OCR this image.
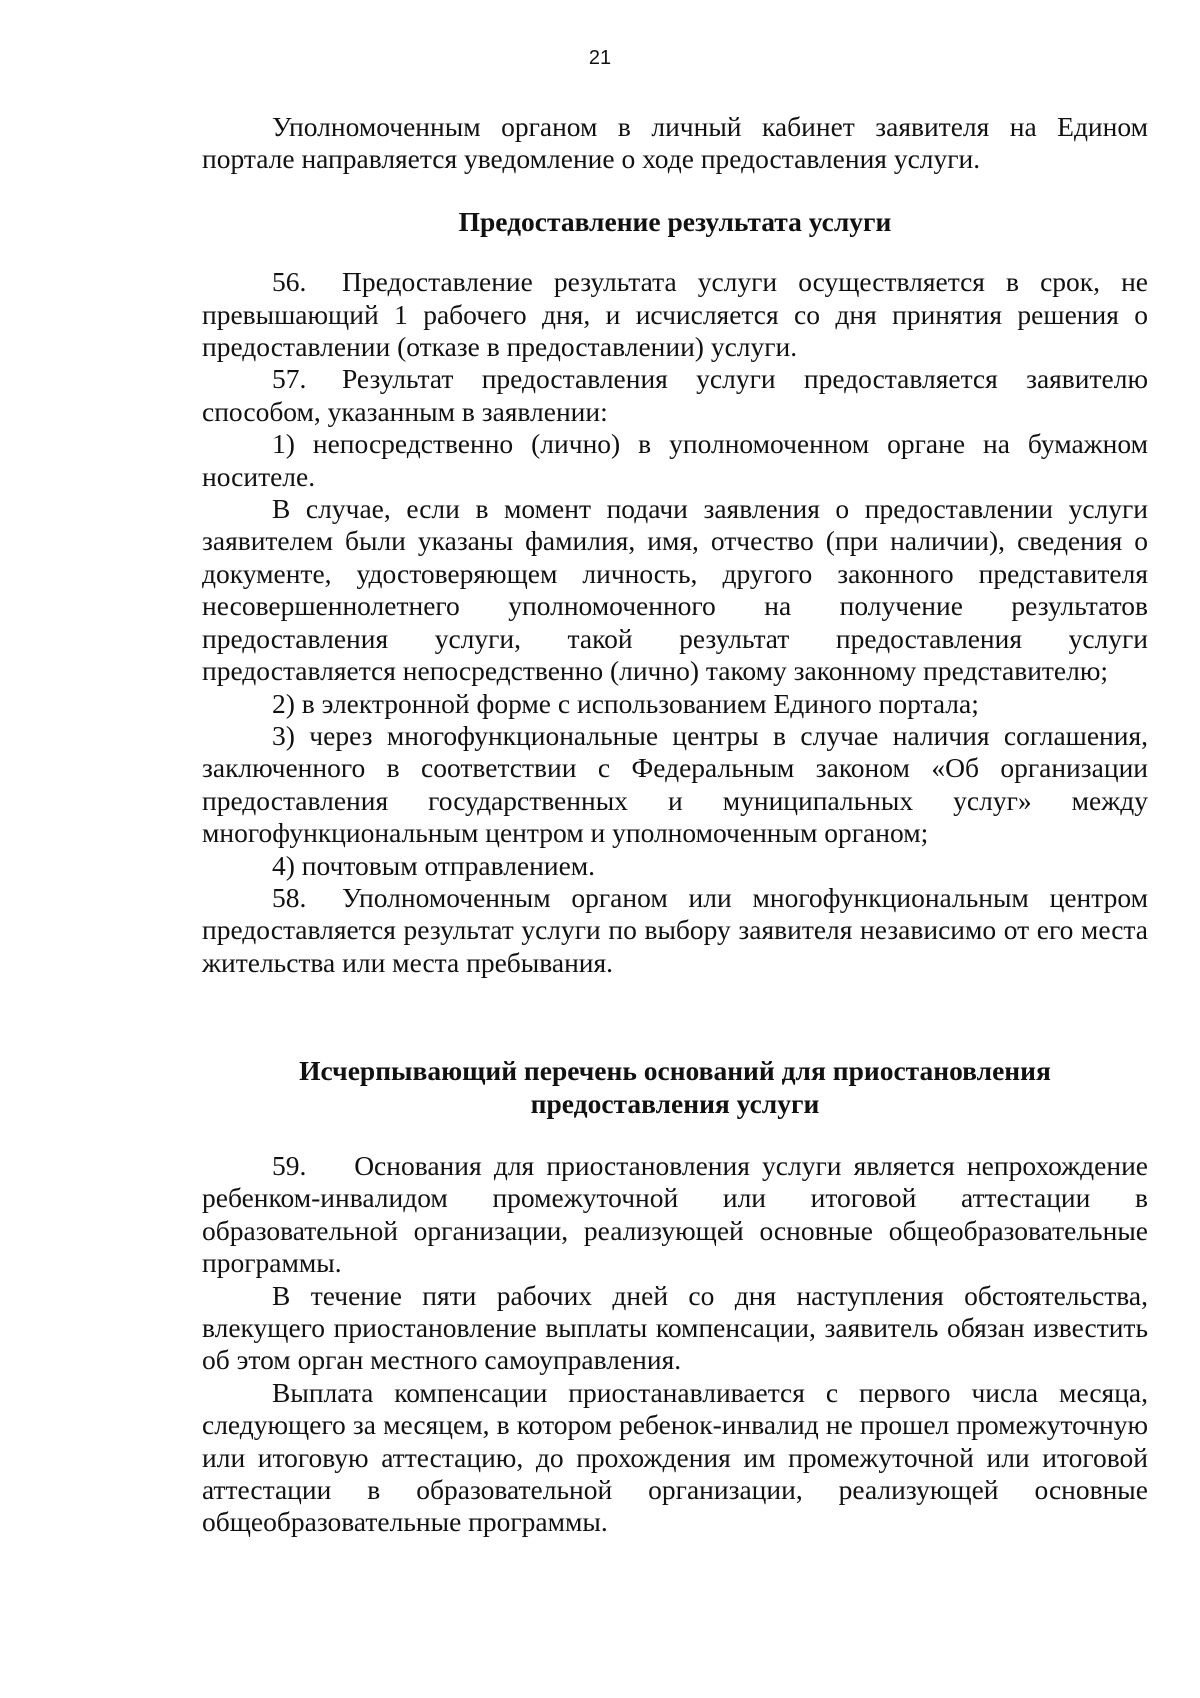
21

Уполномоченным органом в личный кабинет заявителя на Едином портале направляется уведомление о ходе предоставления услуги.

Предоставление результата услуги

56. Предоставление результата услуги осуществляется в срок, не превышающий 1 рабочего дня, и исчисляется со дня принятия решения о предоставлении (отказе в предоставлении) услуги.

57. Результат предоставления услуги предоставляется заявителю способом, указанным в заявлении:

1) непосредственно (лично) в уполномоченном органе на бумажном носителе.

В случае, если в момент подачи заявления о предоставлении услуги заявителем были указаны фамилия, имя, отчество (при наличии), сведения о документе, удостоверяющем личность, другого законного представителя несовершеннолетнего уполномоченного на получение результатов предоставления услуги, такой результат предоставления услуги предоставляется непосредственно (лично) такому законному представителю;

2) в электронной форме с использованием Единого портала;

3) через многофункциональные центры в случае наличия соглашения, заключенного в соответствии с Федеральным законом «Об организации предоставления государственных и муниципальных услуг» между многофункциональным центром и уполномоченным органом;

4) почтовым отправлением.

58. Уполномоченным органом или многофункциональным центром предоставляется результат услуги по выбору заявителя независимо от его места жительства или места пребывания.

Исчерпывающий перечень оснований для приостановления
предоставления услуги

59. Основания для приостановления услуги является непрохождение ребенком-инвалидом промежуточной или итоговой аттестации в образовательной организации, реализующей основные общеобразовательные программы.

В течение пяти рабочих дней со дня наступления обстоятельства, влекущего приостановление выплаты компенсации, заявитель обязан известить об этом орган местного самоуправления.

Выплата компенсации приостанавливается с первого числа месяца, следующего за месяцем, в котором ребенок-инвалид не прошел промежуточную или итоговую аттестацию, до прохождения им промежуточной или итоговой аттестации в образовательной организации, реализующей основные общеобразовательные программы.
